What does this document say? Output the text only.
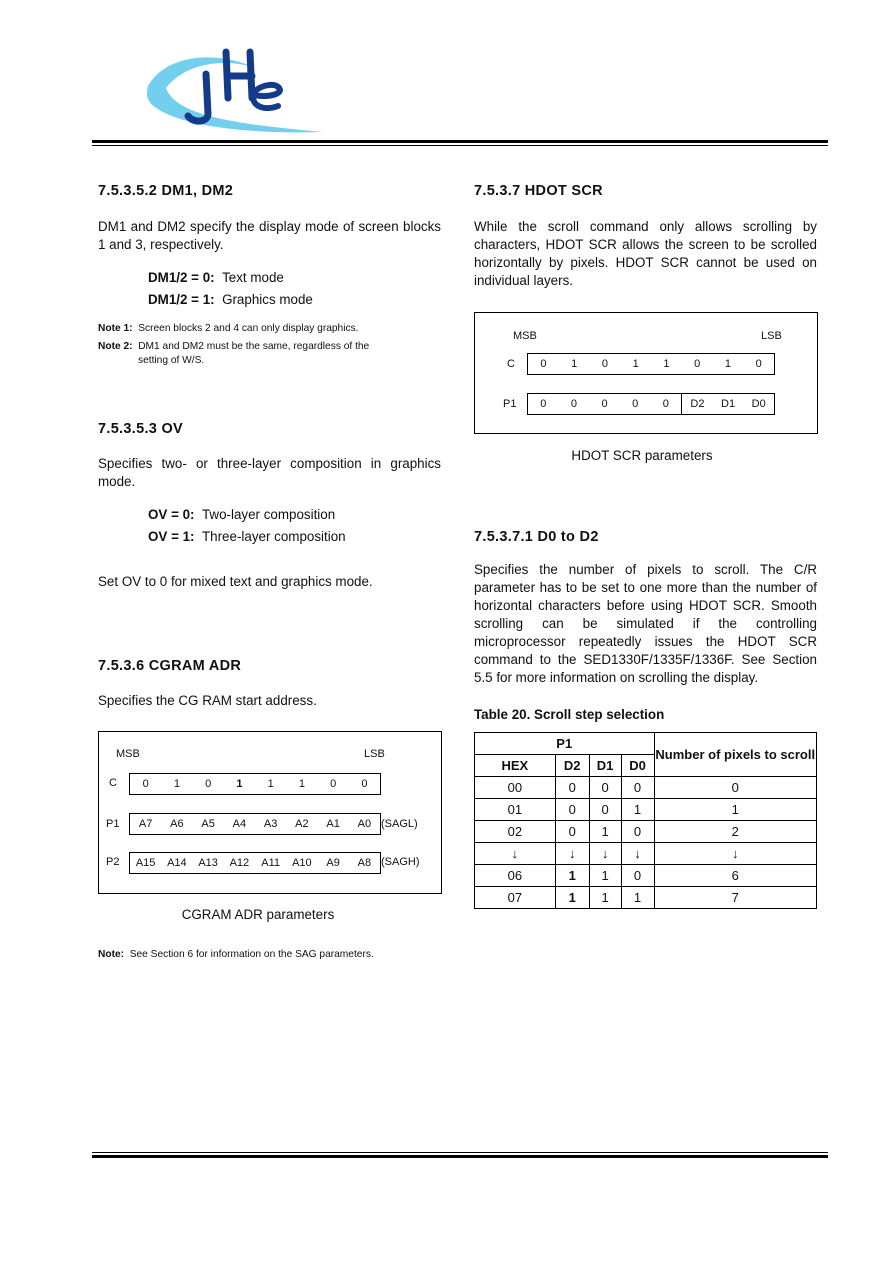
7.5.3.5.2 DM1, DM2

DM1 and DM2 specify the display mode of screen blocks 1 and 3, respectively.

DM1/2 = 0: Text mode
DM1/2 = 1: Graphics mode
Note 1: Screen blocks 2 and 4 can only display graphics.
Note 2: DM1 and DM2 must be the same, regardless of the
setting of W/S.
7.5.3.5.3 OV

Specifies two- or three-layer composition in graphics mode.

OV = 0: Two-layer composition
OV = 1: Three-layer composition

Set OV to 0 for mixed text and graphics mode.

7.5.3.6 CGRAM ADR

Specifies the CG RAM start address.

MSB	LSB
C	0	1	0	1	1	1	0	0
P1	A7	A6	A5	A4	A3	A2	A1	A0 (SAGL)
P2	A15	A14	A13	A12	A11	A10	A9	A8 (SAGH)
CGRAM ADR parameters
Note: See Section 6 for information on the SAG parameters.
7.5.3.7 HDOT SCR

While the scroll command only allows scrolling by characters, HDOT SCR allows the screen to be scrolled horizontally by pixels. HDOT SCR cannot be used on individual layers.

MSB	LSB
C	0	1	0	1	1	0	1	0
P1	0	0	0	0	0	D2	D1	D0
HDOT SCR parameters
7.5.3.7.1 D0 to D2

Specifies the number of pixels to scroll. The C/R parameter has to be set to one more than the number of horizontal characters before using HDOT SCR. Smooth scrolling can be simulated if the controlling microprocessor repeatedly issues the HDOT SCR command to the SED1330F/1335F/1336F. See Section 5.5 for more information on scrolling the display.

Table 20. Scroll step selection
P1				Number of pixels to scroll
HEX	D2	D1	D0	
00	0	0	0	0
01	0	0	1	1
02	0	1	0	2
↓	↓	↓	↓	↓
06	1	1	0	6
07	1	1	1	7
